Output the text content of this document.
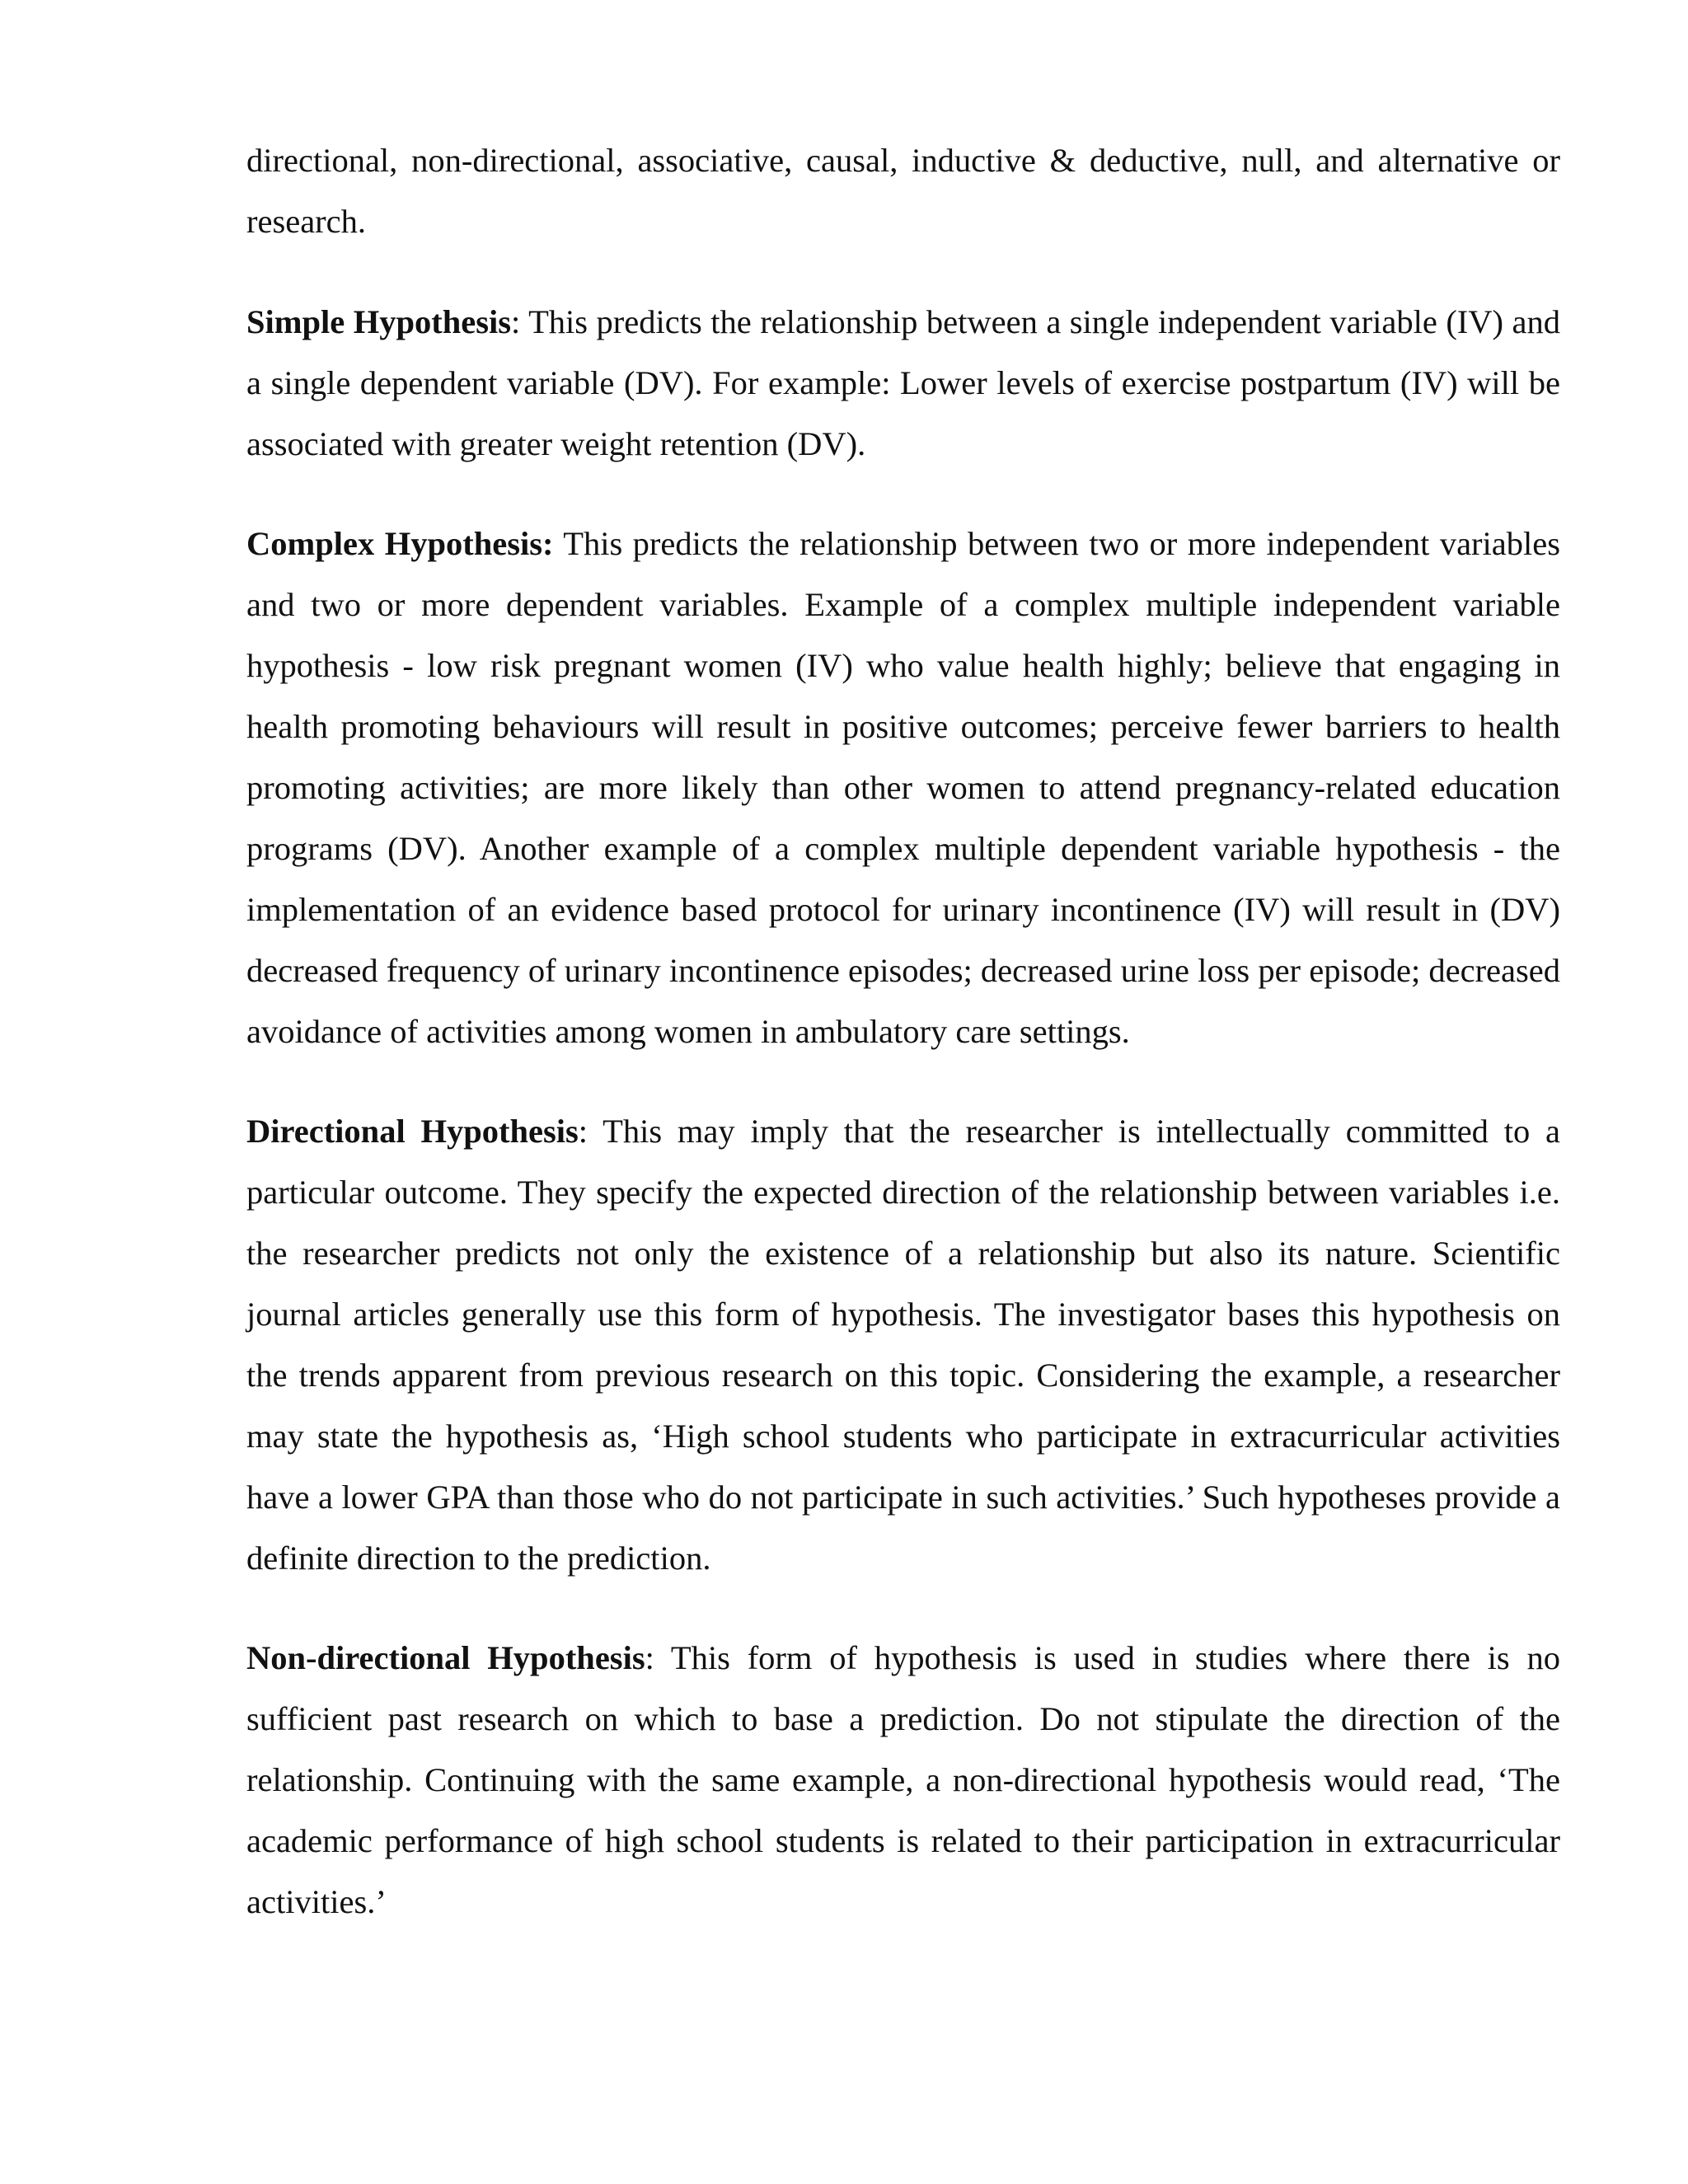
directional, non-directional, associative, causal, inductive & deductive, null, and alternative or research.

Simple Hypothesis: This predicts the relationship between a single independent variable (IV) and a single dependent variable (DV). For example: Lower levels of exercise postpartum (IV) will be associated with greater weight retention (DV).

Complex Hypothesis: This predicts the relationship between two or more independent variables and two or more dependent variables. Example of a complex multiple independent variable hypothesis - low risk pregnant women (IV) who value health highly; believe that engaging in health promoting behaviours will result in positive outcomes; perceive fewer barriers to health promoting activities; are more likely than other women to attend pregnancy-related education programs (DV). Another example of a complex multiple dependent variable hypothesis - the implementation of an evidence based protocol for urinary incontinence (IV) will result in (DV) decreased frequency of urinary incontinence episodes; decreased urine loss per episode; decreased avoidance of activities among women in ambulatory care settings.

Directional Hypothesis: This may imply that the researcher is intellectually committed to a particular outcome. They specify the expected direction of the relationship between variables i.e. the researcher predicts not only the existence of a relationship but also its nature. Scientific journal articles generally use this form of hypothesis. The investigator bases this hypothesis on the trends apparent from previous research on this topic. Considering the example, a researcher may state the hypothesis as, ‘High school students who participate in extracurricular activities have a lower GPA than those who do not participate in such activities.’ Such hypotheses provide a definite direction to the prediction.

Non-directional Hypothesis: This form of hypothesis is used in studies where there is no sufficient past research on which to base a prediction. Do not stipulate the direction of the relationship. Continuing with the same example, a non-directional hypothesis would read, ‘The academic performance of high school students is related to their participation in extracurricular activities.’
